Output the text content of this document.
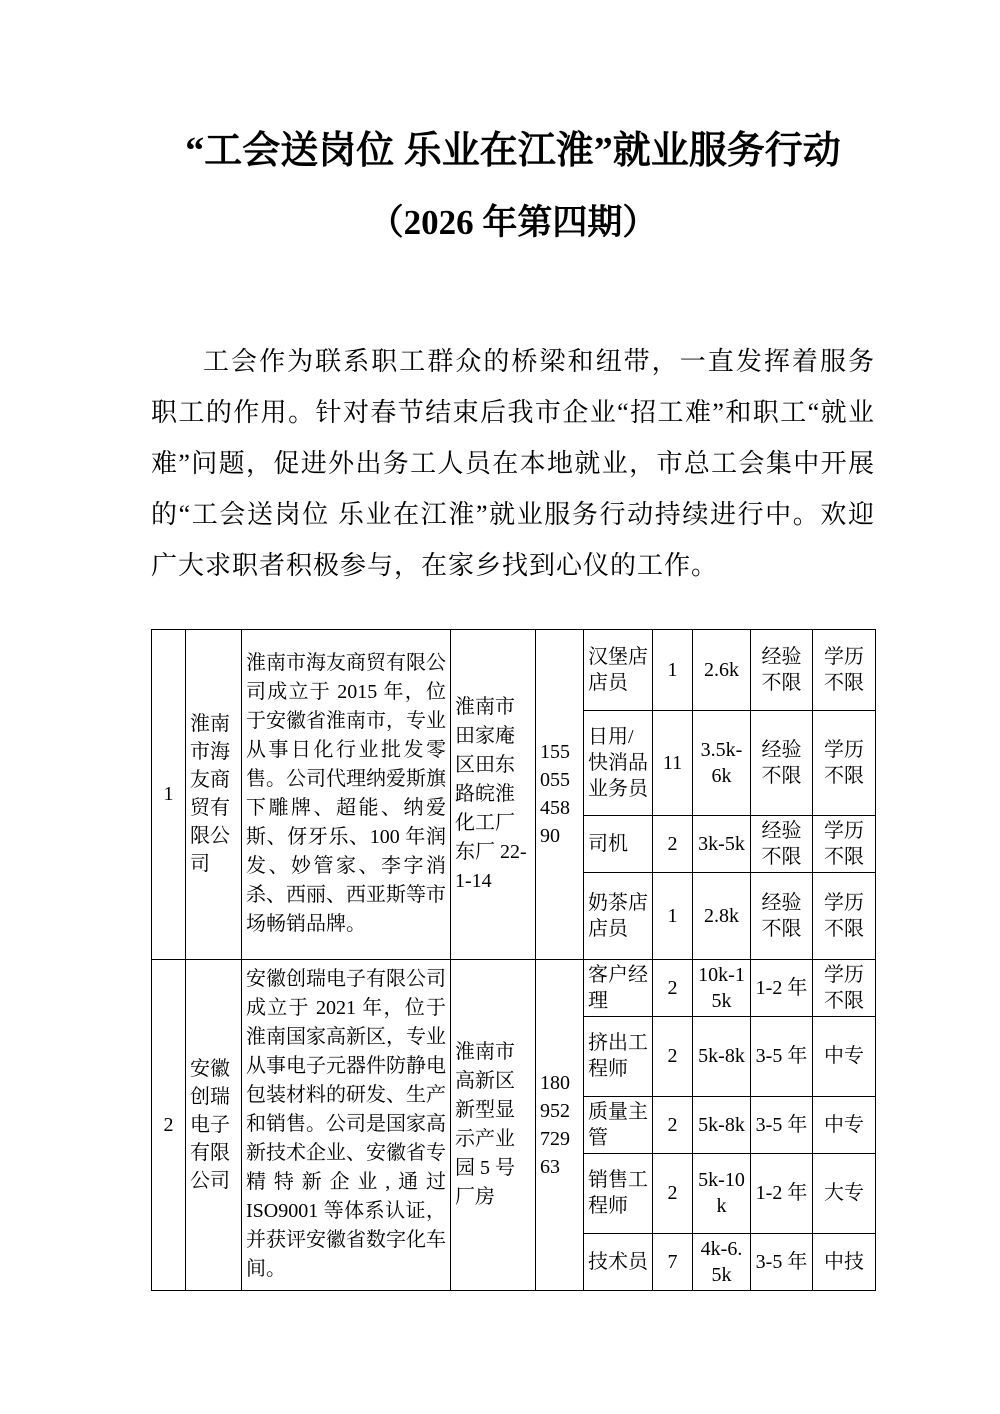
“工会送岗位 乐业在江淮”就业服务行动
（2026 年第四期）

工会作为联系职工群众的桥梁和纽带，一直发挥着服务职工的作用。针对春节结束后我市企业“招工难”和职工“就业难”问题，促进外出务工人员在本地就业，市总工会集中开展的“工会送岗位 乐业在江淮”就业服务行动持续进行中。欢迎广大求职者积极参与，在家乡找到心仪的工作。

1	淮南市海友商贸有限公司	淮南市海友商贸有限公司成立于 2015 年，位于安徽省淮南市，专业从事日化行业批发零售。公司代理纳爱斯旗下雕牌、超能、纳爱斯、伢牙乐、100 年润发、妙管家、李字消杀、西丽、西亚斯等市场畅销品牌。	淮南市田家庵区田东路皖淮化工厂东厂 22-1-14	15505545890	汉堡店店员	1	2.6k	经验不限	学历不限
					日用/快消品业务员	11	3.5k-6k	经验不限	学历不限
					司机	2	3k-5k	经验不限	学历不限
					奶茶店店员	1	2.8k	经验不限	学历不限
2	安徽创瑞电子有限公司	安徽创瑞电子有限公司成立于 2021 年，位于淮南国家高新区，专业从事电子元器件防静电包装材料的研发、生产和销售。公司是国家高新技术企业、安徽省专精特新企业,通过 ISO9001 等体系认证，并获评安徽省数字化车间。	淮南市高新区新型显示产业园 5 号厂房	18095272963	客户经理	2	10k-15k	1-2 年	学历不限
					挤出工程师	2	5k-8k	3-5 年	中专
					质量主管	2	5k-8k	3-5 年	中专
					销售工程师	2	5k-10k	1-2 年	大专
					技术员	7	4k-6.5k	3-5 年	中技
